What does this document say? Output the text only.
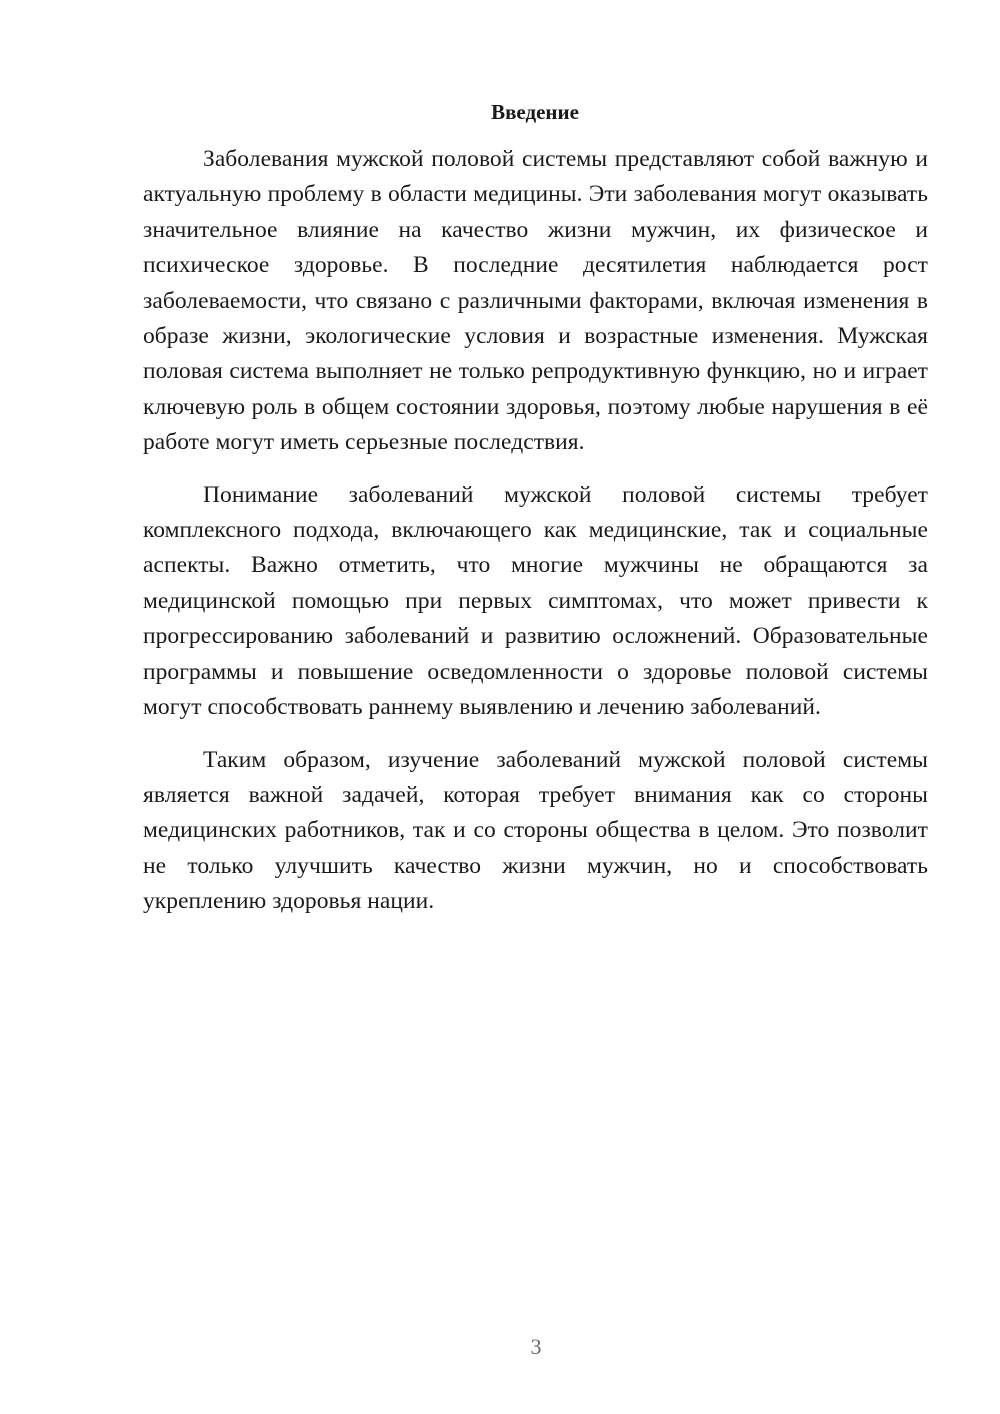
Введение

Заболевания мужской половой системы представляют собой важную и актуальную проблему в области медицины. Эти заболевания могут оказывать значительное влияние на качество жизни мужчин, их физическое и психическое здоровье. В последние десятилетия наблюдается рост заболеваемости, что связано с различными факторами, включая изменения в образе жизни, экологические условия и возрастные изменения. Мужская половая система выполняет не только репродуктивную функцию, но и играет ключевую роль в общем состоянии здоровья, поэтому любые нарушения в её работе могут иметь серьезные последствия.

Понимание заболеваний мужской половой системы требует комплексного подхода, включающего как медицинские, так и социальные аспекты. Важно отметить, что многие мужчины не обращаются за медицинской помощью при первых симптомах, что может привести к прогрессированию заболеваний и развитию осложнений. Образовательные программы и повышение осведомленности о здоровье половой системы могут способствовать раннему выявлению и лечению заболеваний.

Таким образом, изучение заболеваний мужской половой системы является важной задачей, которая требует внимания как со стороны медицинских работников, так и со стороны общества в целом. Это позволит не только улучшить качество жизни мужчин, но и способствовать укреплению здоровья нации.

3
